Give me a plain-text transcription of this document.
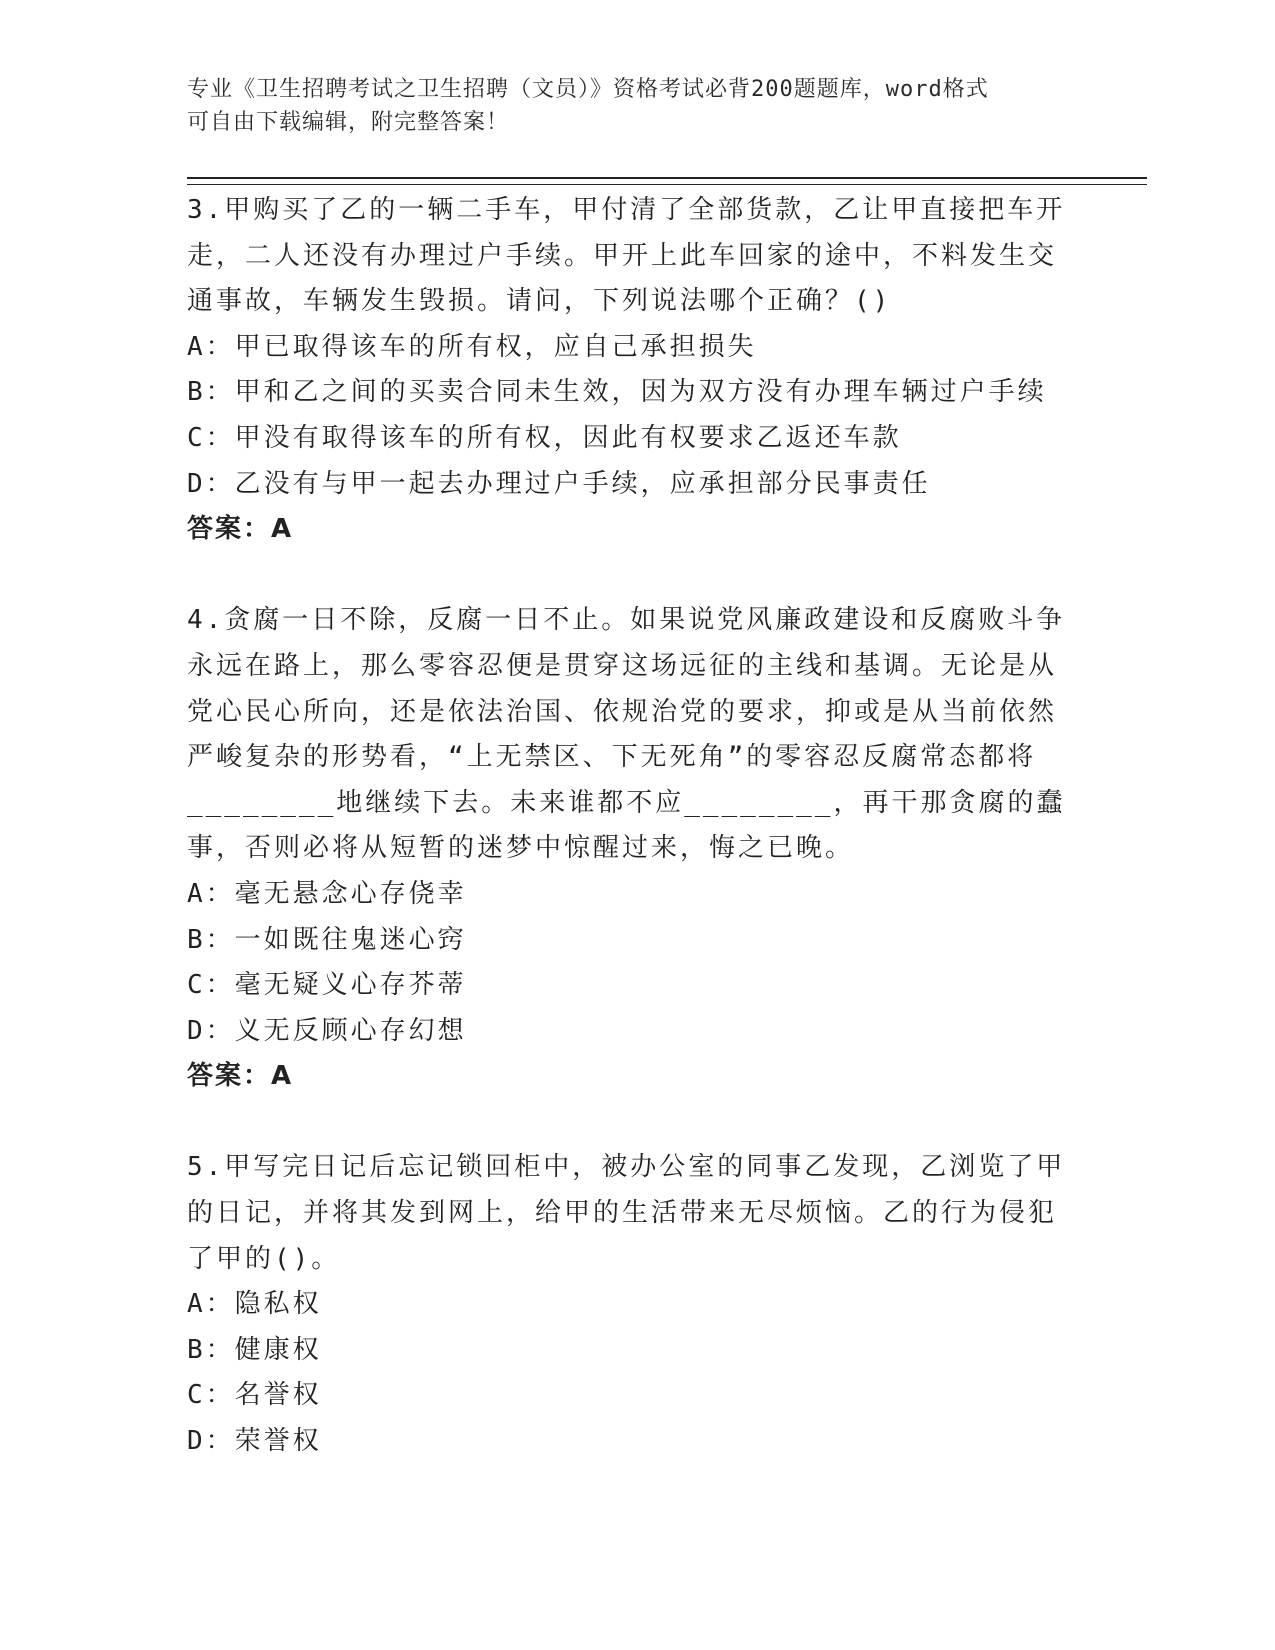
专业《卫生招聘考试之卫生招聘（文员）》资格考试必背200题题库，word格式
可自由下载编辑，附完整答案！

3.甲购买了乙的一辆二手车，甲付清了全部货款，乙让甲直接把车开走，二人还没有办理过户手续。甲开上此车回家的途中，不料发生交通事故，车辆发生毁损。请问，下列说法哪个正确？()

A：甲已取得该车的所有权，应自己承担损失

B：甲和乙之间的买卖合同未生效，因为双方没有办理车辆过户手续

C：甲没有取得该车的所有权，因此有权要求乙返还车款

D：乙没有与甲一起去办理过户手续，应承担部分民事责任

答案：A

4.贪腐一日不除，反腐一日不止。如果说党风廉政建设和反腐败斗争永远在路上，那么零容忍便是贯穿这场远征的主线和基调。无论是从党心民心所向，还是依法治国、依规治党的要求，抑或是从当前依然严峻复杂的形势看，“上无禁区、下无死角”的零容忍反腐常态都将________地继续下去。未来谁都不应________，再干那贪腐的蠢事，否则必将从短暂的迷梦中惊醒过来，悔之已晚。

A：毫无悬念心存侥幸

B：一如既往鬼迷心窍

C：毫无疑义心存芥蒂

D：义无反顾心存幻想

答案：A

5.甲写完日记后忘记锁回柜中，被办公室的同事乙发现，乙浏览了甲的日记，并将其发到网上，给甲的生活带来无尽烦恼。乙的行为侵犯了甲的()。

A：隐私权

B：健康权

C：名誉权

D：荣誉权
